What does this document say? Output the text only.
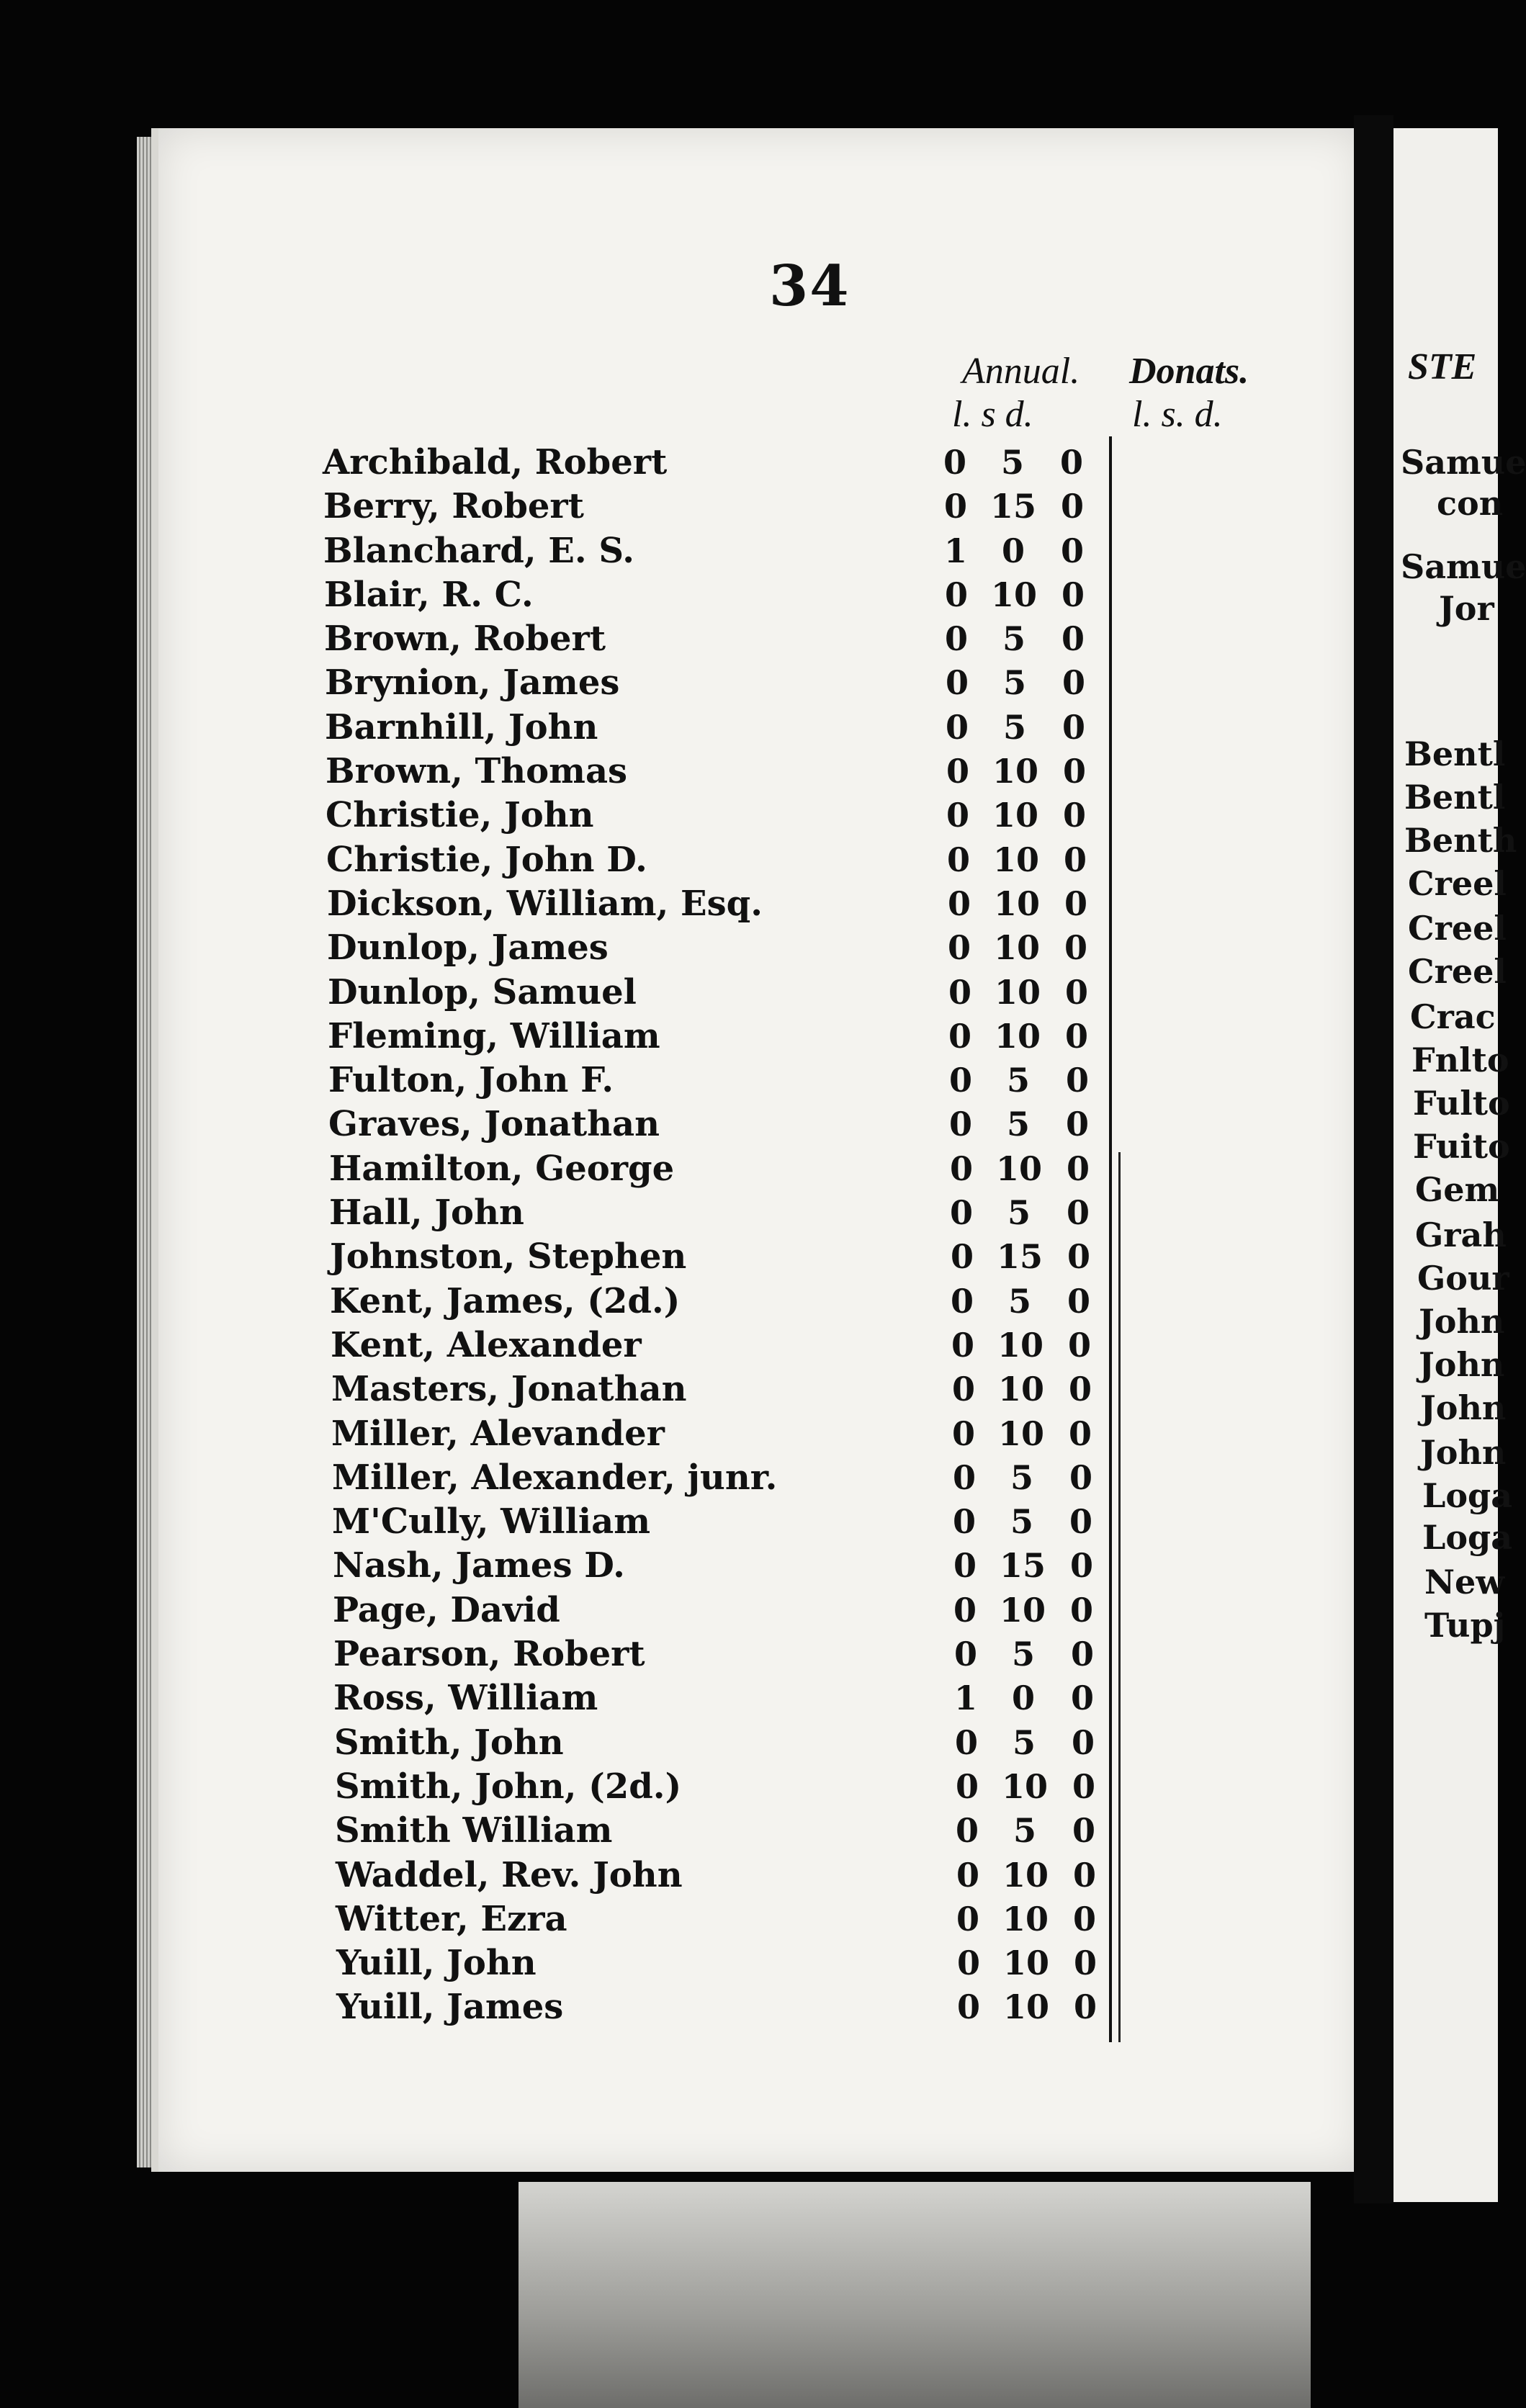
34
Annual. Donats.
l. s d.	l. s. d.
Archibald, Robert	0	5	0
Berry, Robert	0 15 0
Blanchard, E. S.	1	0	0
Blair, R. C.	0 10 0
Brown, Robert	0	5	0
Brynion, James	0	5	0
Barnhill, John	0	5	0
Brown, Thomas	0 10 0
Christie, John	0 10 0
Christie, John D.	0 10 0
Dickson, William, Esq.	0 10 0
Dunlop, James	0 10 0
Dunlop, Samuel	0 10 0
Fleming, William	0 10 0
Fulton, John F.	0	5	0
Graves, Jonathan	0	5	0
Hamilton, George	0 10 0
Hall, John	0	5	0
Johnston, Stephen	0 15 0
Kent, James, (2d.)	0	5	0
Kent, Alexander	0 10 0
Masters, Jonathan	0 10 0
Miller, Alevander	0 10 0
Miller, Alexander, junr.	0	5	0
M'Cully, William	0	5	0
Nash, James D.	0 15 0
Page, David	0 10 0
Pearson, Robert	0	5	0
Ross, William	1	0	0
Smith, John	0	5	0
Smith, John, (2d.)	0 10 0
Smith William	0	5	0
Waddel, Rev. John	0 10 0
Witter, Ezra	0 10 0
Yuill, John	0 10 0
Yuill, James	0 10 0
STE
Samue
con
Samue
Jor
Bentl
Bentl
Benth
Creel
Creel
Creel
Crac
Fnlto
Fulto
Fuito
Gem
Grah
Gour
John
John
John
John
Loga
Loga
New
Tupj
